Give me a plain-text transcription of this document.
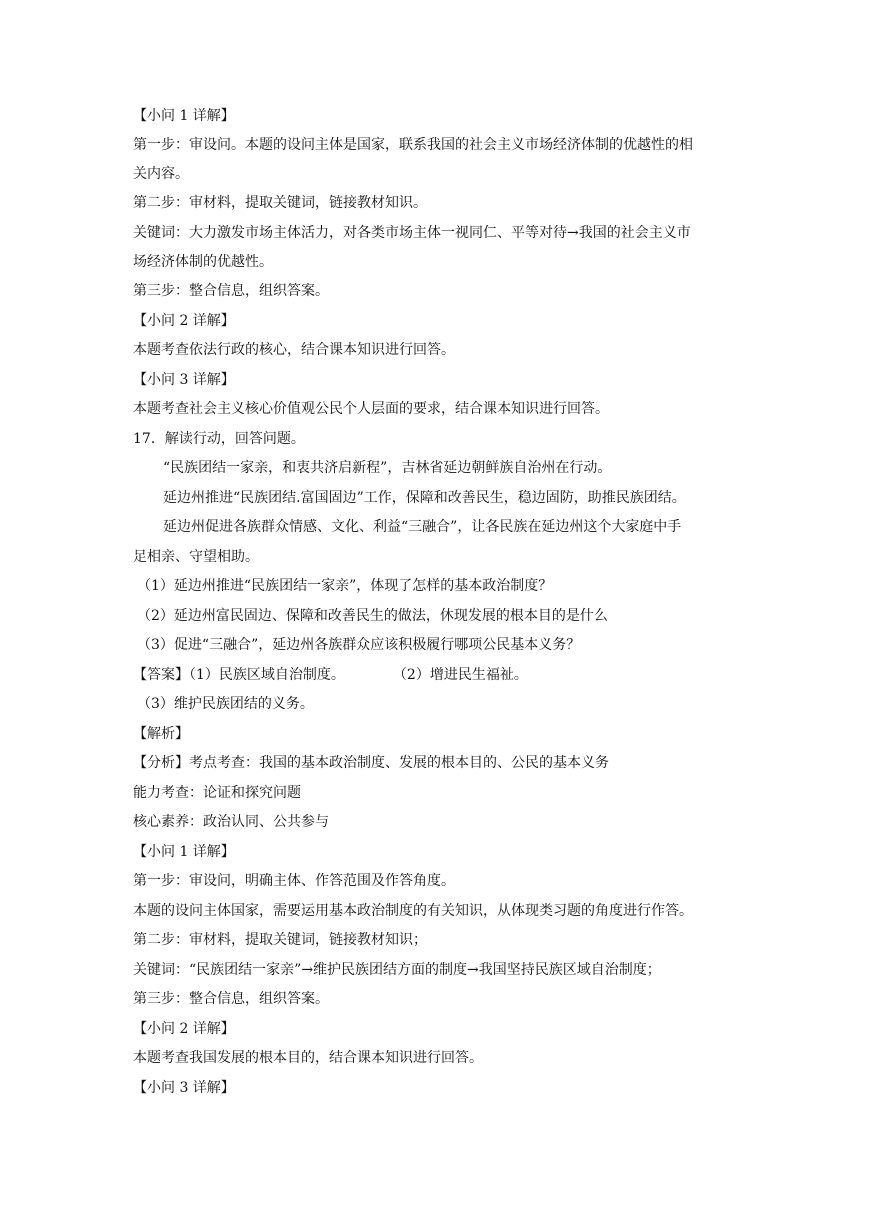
【小问 1 详解】
第一步：审设问。本题的设问主体是国家，联系我国的社会主义市场经济体制的优越性的相
关内容。
第二步：审材料，提取关键词，链接教材知识。
关键词：大力激发市场主体活力，对各类市场主体一视同仁、平等对待→我国的社会主义市
场经济体制的优越性。
第三步：整合信息，组织答案。
【小问 2 详解】
本题考查依法行政的核心，结合课本知识进行回答。
【小问 3 详解】
本题考查社会主义核心价值观公民个人层面的要求，结合课本知识进行回答。
17．解读行动，回答问题。
“民族团结一家亲，和衷共济启新程”，吉林省延边朝鲜族自治州在行动。
延边州推进“民族团结.富国固边”工作，保障和改善民生，稳边固防，助推民族团结。
延边州促进各族群众情感、文化、利益“三融合”，让各民族在延边州这个大家庭中手
足相亲、守望相助。
（1）延边州推进“民族团结一家亲”，体现了怎样的基本政治制度？
（2）延边州富民固边、保障和改善民生的做法，休现发展的根本目的是什么
（3）促进“三融合”，延边州各族群众应该积极履行哪项公民基本义务？
【答案】（1）民族区域自治制度。	（2）增进民生福祉。
（3）维护民族团结的义务。
【解析】
【分析】考点考查：我国的基本政治制度、发展的根本目的、公民的基本义务
能力考查：论证和探究问题
核心素养：政治认同、公共参与
【小问 1 详解】
第一步：审设问，明确主体、作答范围及作答角度。
本题的设问主体国家，需要运用基本政治制度的有关知识，从体现类习题的角度进行作答。
第二步：审材料，提取关键词，链接教材知识；
关键词：“民族团结一家亲”→维护民族团结方面的制度→我国坚持民族区域自治制度；
第三步：整合信息，组织答案。
【小问 2 详解】
本题考查我国发展的根本目的，结合课本知识进行回答。
【小问 3 详解】
